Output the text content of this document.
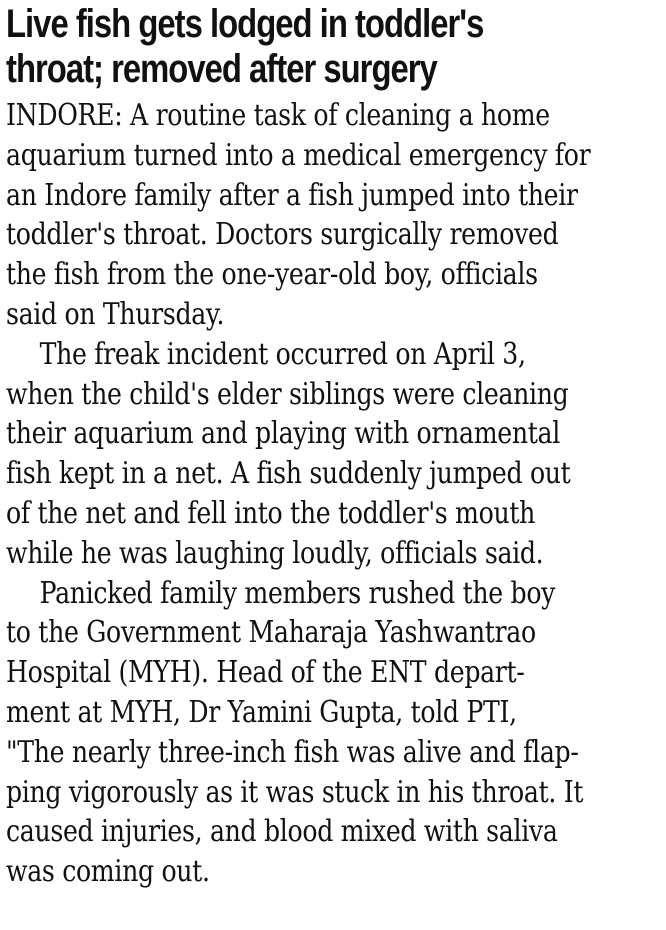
Live fish gets lodged in toddler's
throat; removed after surgery
INDORE: A routine task of cleaning a home
aquarium turned into a medical emergency for
an Indore family after a fish jumped into their
toddler's throat. Doctors surgically removed
the fish from the one-year-old boy, officials
said on Thursday.
The freak incident occurred on April 3,
when the child's elder siblings were cleaning
their aquarium and playing with ornamental
fish kept in a net. A fish suddenly jumped out
of the net and fell into the toddler's mouth
while he was laughing loudly, officials said.
Panicked family members rushed the boy
to the Government Maharaja Yashwantrao
Hospital (MYH). Head of the ENT depart-
ment at MYH, Dr Yamini Gupta, told PTI,
"The nearly three-inch fish was alive and flap-
ping vigorously as it was stuck in his throat. It
caused injuries, and blood mixed with saliva
was coming out.
